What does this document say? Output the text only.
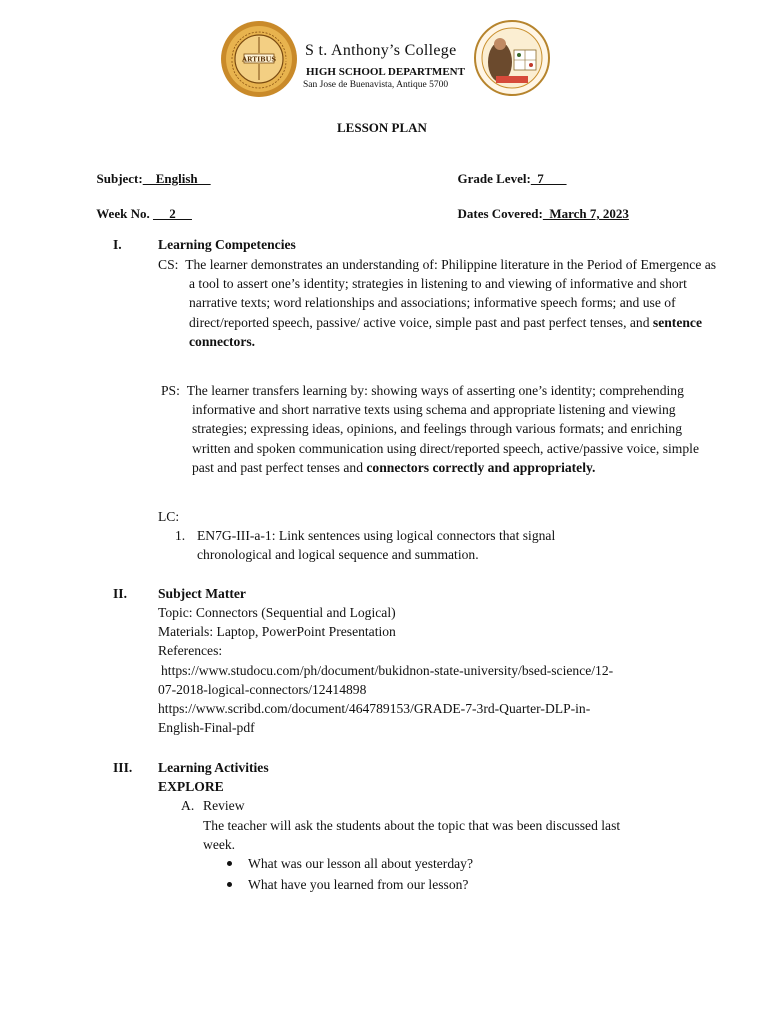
ARTIBUS
S t. Anthony’s College
HIGH SCHOOL DEPARTMENT
San Jose de Buenavista, Antique 5700
LESSON PLAN

Subject:    English	Grade Level:  7

Week No.      2	Dates Covered:  March 7, 2023

I.	Learning Competencies
CS: The learner demonstrates an understanding of: Philippine literature in the Period of Emergence as a tool to assert one’s identity; strategies in listening to and viewing of informative and short narrative texts; word relationships and associations; informative speech forms; and use of direct/reported speech, passive/ active voice, simple past and past perfect tenses, and sentence connectors.
PS: The learner transfers learning by: showing ways of asserting one’s identity; comprehending informative and short narrative texts using schema and appropriate listening and viewing strategies; expressing ideas, opinions, and feelings through various formats; and enriching written and spoken communication using direct/reported speech, active/passive voice, simple past and past perfect tenses and connectors correctly and appropriately.
LC:
1. EN7G-III-a-1: Link sentences using logical connectors that signal chronological and logical sequence and summation.
II. Subject Matter
Topic: Connectors (Sequential and Logical)
Materials: Laptop, PowerPoint Presentation
References:
https://www.studocu.com/ph/document/bukidnon-state-university/bsed-science/12-
07-2018-logical-connectors/12414898
https://www.scribd.com/document/464789153/GRADE-7-3rd-Quarter-DLP-in-
English-Final-pdf
III. Learning Activities
EXPLORE
A. Review
The teacher will ask the students about the topic that was been discussed last
week.
What was our lesson all about yesterday?
What have you learned from our lesson?
